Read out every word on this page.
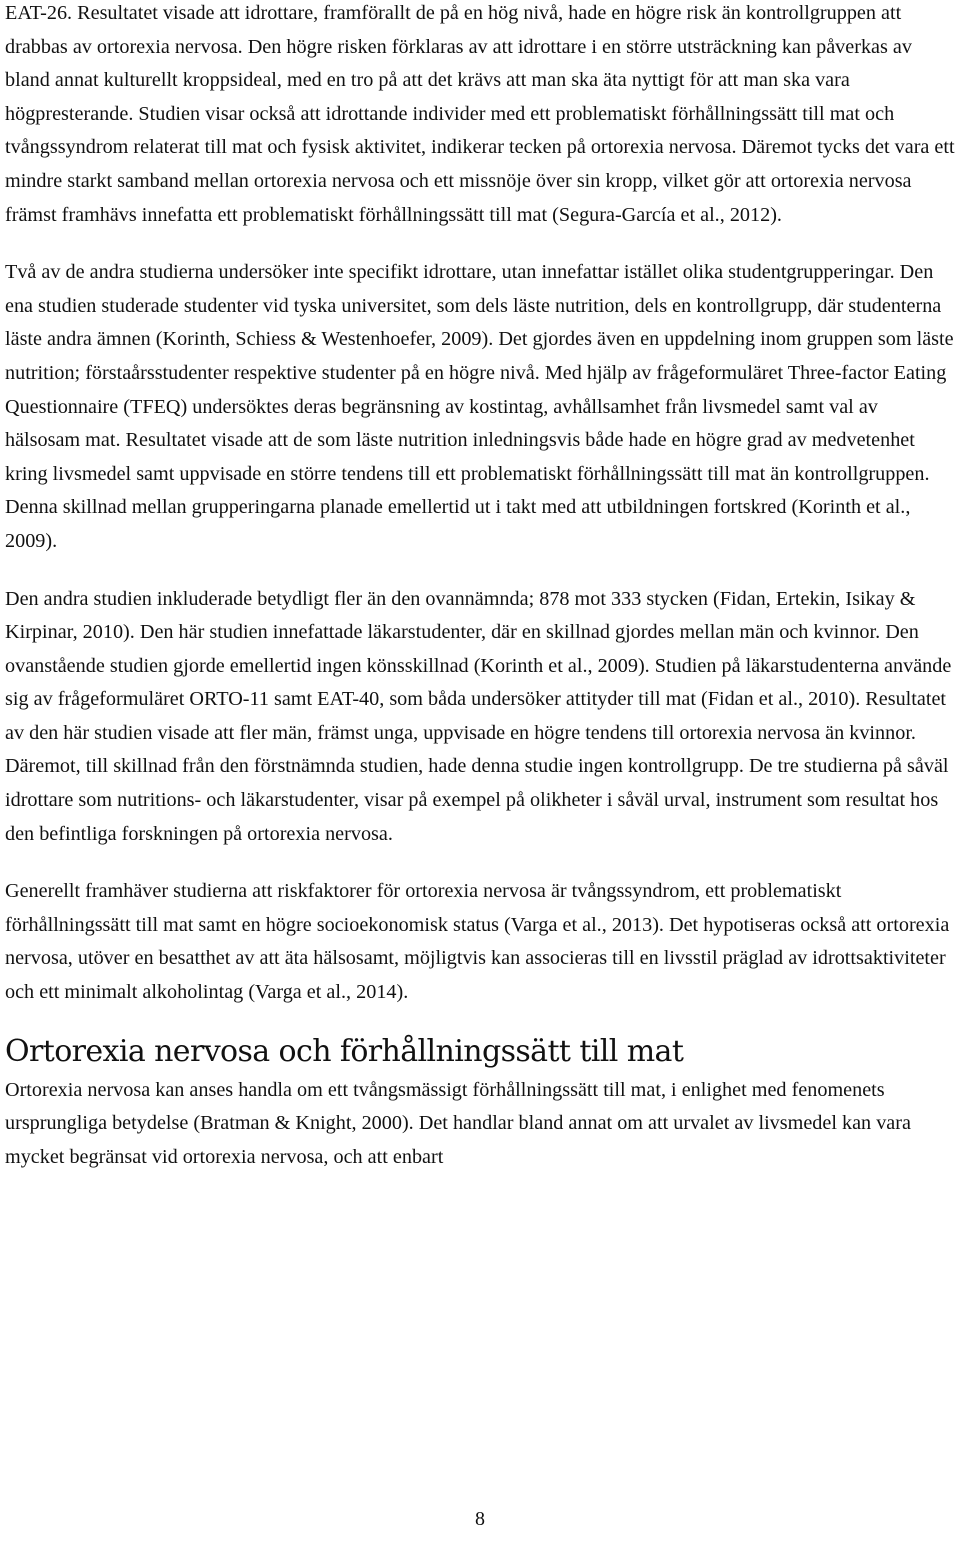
EAT-26. Resultatet visade att idrottare, framförallt de på en hög nivå, hade en högre risk än kontrollgruppen att drabbas av ortorexia nervosa. Den högre risken förklaras av att idrottare i en större utsträckning kan påverkas av bland annat kulturellt kroppsideal, med en tro på att det krävs att man ska äta nyttigt för att man ska vara högpresterande. Studien visar också att idrottande individer med ett problematiskt förhållningssätt till mat och tvångssyndrom relaterat till mat och fysisk aktivitet, indikerar tecken på ortorexia nervosa. Däremot tycks det vara ett mindre starkt samband mellan ortorexia nervosa och ett missnöje över sin kropp, vilket gör att ortorexia nervosa främst framhävs innefatta ett problematiskt förhållningssätt till mat (Segura-García et al., 2012).

Två av de andra studierna undersöker inte specifikt idrottare, utan innefattar istället olika studentgrupperingar. Den ena studien studerade studenter vid tyska universitet, som dels läste nutrition, dels en kontrollgrupp, där studenterna läste andra ämnen (Korinth, Schiess & Westenhoefer, 2009). Det gjordes även en uppdelning inom gruppen som läste nutrition; förstaårsstudenter respektive studenter på en högre nivå. Med hjälp av frågeformuläret Three-factor Eating Questionnaire (TFEQ) undersöktes deras begränsning av kostintag, avhållsamhet från livsmedel samt val av hälsosam mat. Resultatet visade att de som läste nutrition inledningsvis både hade en högre grad av medvetenhet kring livsmedel samt uppvisade en större tendens till ett problematiskt förhållningssätt till mat än kontrollgruppen. Denna skillnad mellan grupperingarna planade emellertid ut i takt med att utbildningen fortskred (Korinth et al., 2009).

Den andra studien inkluderade betydligt fler än den ovannämnda; 878 mot 333 stycken (Fidan, Ertekin, Isikay & Kirpinar, 2010). Den här studien innefattade läkarstudenter, där en skillnad gjordes mellan män och kvinnor. Den ovanstående studien gjorde emellertid ingen könsskillnad (Korinth et al., 2009). Studien på läkarstudenterna använde sig av frågeformuläret ORTO-11 samt EAT-40, som båda undersöker attityder till mat (Fidan et al., 2010). Resultatet av den här studien visade att fler män, främst unga, uppvisade en högre tendens till ortorexia nervosa än kvinnor. Däremot, till skillnad från den förstnämnda studien, hade denna studie ingen kontrollgrupp. De tre studierna på såväl idrottare som nutritions- och läkarstudenter, visar på exempel på olikheter i såväl urval, instrument som resultat hos den befintliga forskningen på ortorexia nervosa.

Generellt framhäver studierna att riskfaktorer för ortorexia nervosa är tvångssyndrom, ett problematiskt förhållningssätt till mat samt en högre socioekonomisk status (Varga et al., 2013). Det hypotiseras också att ortorexia nervosa, utöver en besatthet av att äta hälsosamt, möjligtvis kan associeras till en livsstil präglad av idrottsaktiviteter och ett minimalt alkoholintag (Varga et al., 2014).

Ortorexia nervosa och förhållningssätt till mat

Ortorexia nervosa kan anses handla om ett tvångsmässigt förhållningssätt till mat, i enlighet med fenomenets ursprungliga betydelse (Bratman & Knight, 2000). Det handlar bland annat om att urvalet av livsmedel kan vara mycket begränsat vid ortorexia nervosa, och att enbart

8
